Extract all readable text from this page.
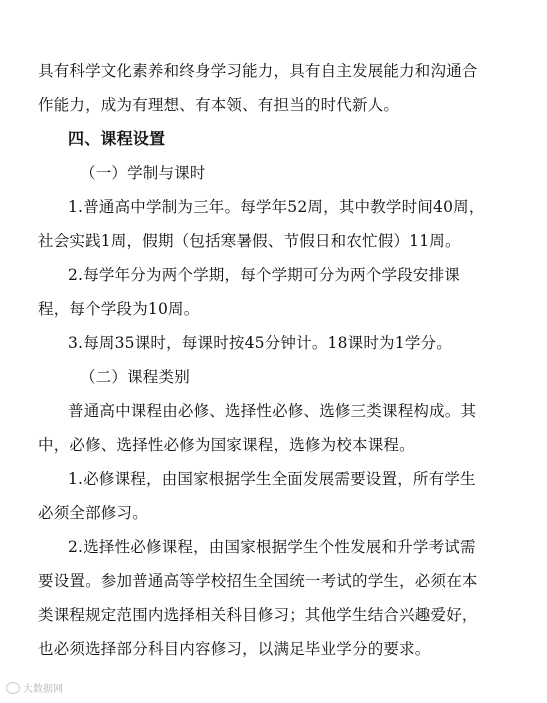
具有科学文化素养和终身学习能力，具有自主发展能力和沟通合
作能力，成为有理想、有本领、有担当的时代新人。
四、课程设置
（一）学制与课时
1.普通高中学制为三年。每学年52周，其中教学时间40周，
社会实践1周，假期（包括寒暑假、节假日和农忙假）11周。
2.每学年分为两个学期，每个学期可分为两个学段安排课
程，每个学段为10周。
3.每周35课时，每课时按45分钟计。18课时为1学分。
（二）课程类别
普通高中课程由必修、选择性必修、选修三类课程构成。其
中，必修、选择性必修为国家课程，选修为校本课程。
1.必修课程，由国家根据学生全面发展需要设置，所有学生
必须全部修习。
2.选择性必修课程，由国家根据学生个性发展和升学考试需
要设置。参加普通高等学校招生全国统一考试的学生，必须在本
类课程规定范围内选择相关科目修习；其他学生结合兴趣爱好，
也必须选择部分科目内容修习，以满足毕业学分的要求。
大数据网
